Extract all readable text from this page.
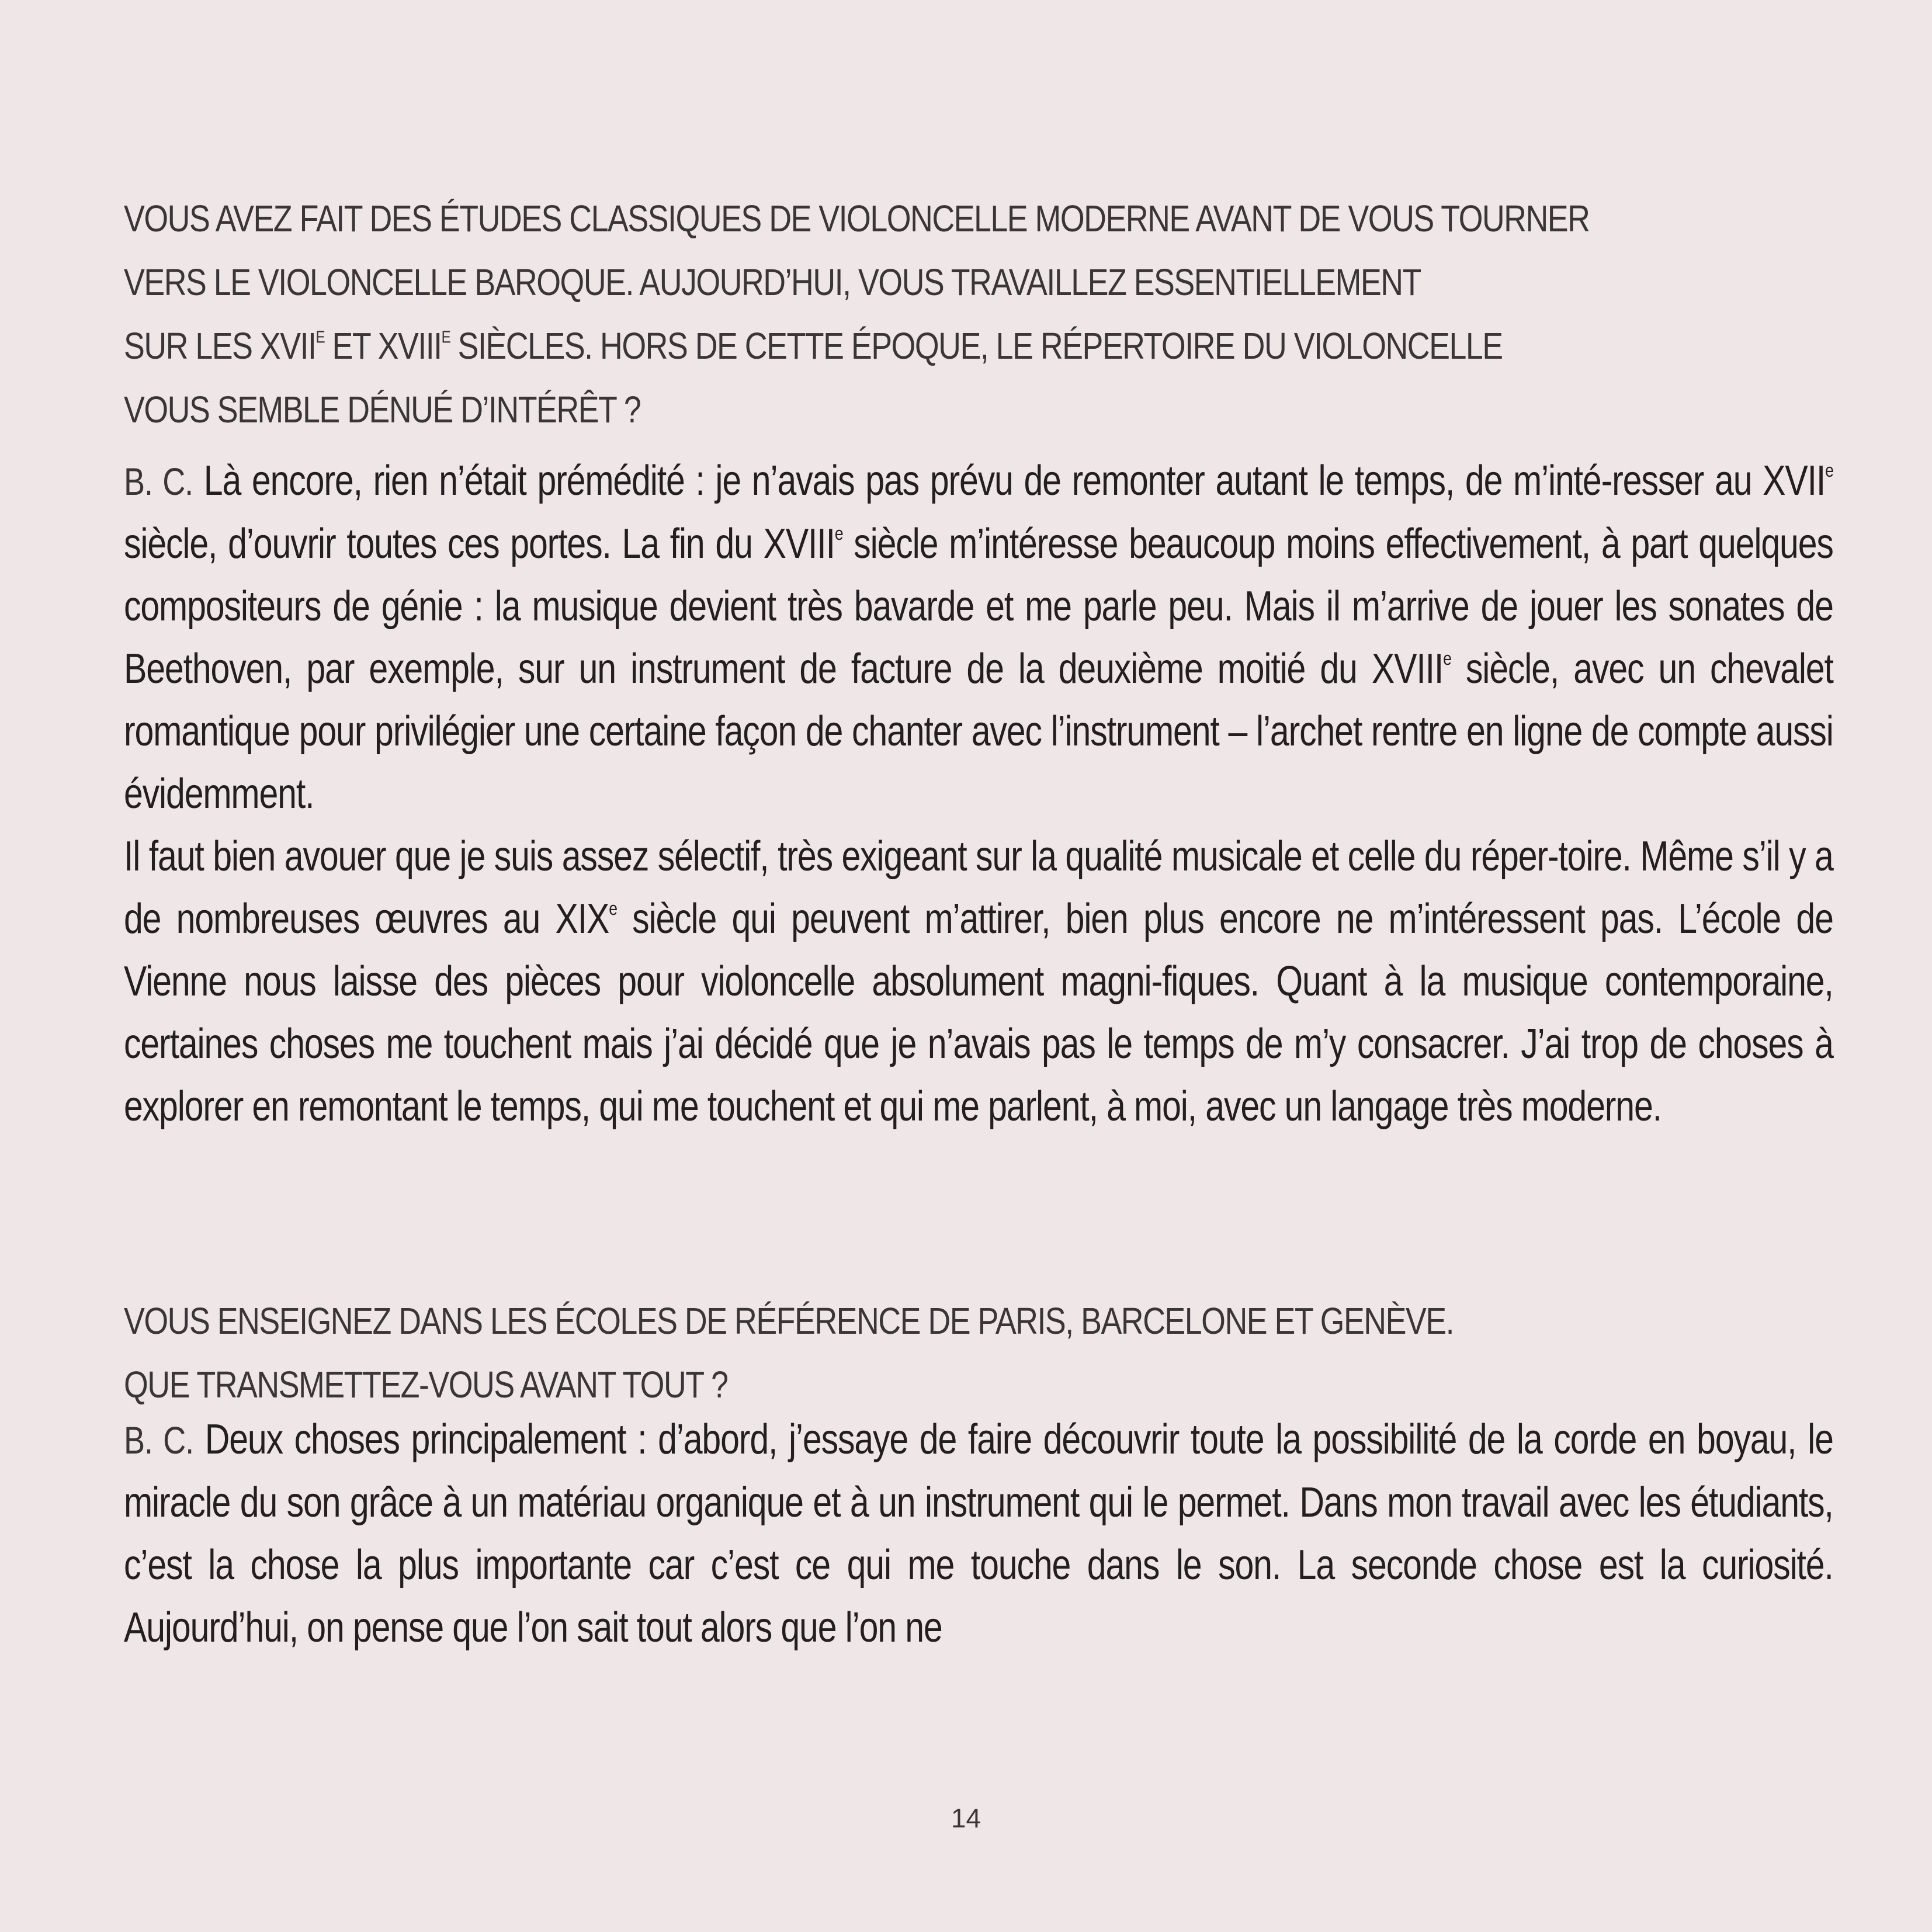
VOUS AVEZ FAIT DES ÉTUDES CLASSIQUES DE VIOLONCELLE MODERNE AVANT DE VOUS TOURNER
VERS LE VIOLONCELLE BAROQUE. AUJOURD’HUI, VOUS TRAVAILLEZ ESSENTIELLEMENT
SUR LES $XVII^E$ ET $XVIII^E$ SIÈCLES. HORS DE CETTE ÉPOQUE, LE RÉPERTOIRE DU VIOLONCELLE
VOUS SEMBLE DÉNUÉ D’INTÉRÊT ?

B. C. Là encore, rien n’était prémédité : je n’avais pas prévu de remonter autant le temps, de m’inté-resser au XVIIe siècle, d’ouvrir toutes ces portes. La fin du XVIIIe siècle m’intéresse beaucoup moins effectivement, à part quelques compositeurs de génie : la musique devient très bavarde et me parle peu. Mais il m’arrive de jouer les sonates de Beethoven, par exemple, sur un instrument de facture de la deuxième moitié du XVIIIe siècle, avec un chevalet romantique pour privilégier une certaine façon de chanter avec l’instrument – l’archet rentre en ligne de compte aussi évidemment.

Il faut bien avouer que je suis assez sélectif, très exigeant sur la qualité musicale et celle du réper-toire. Même s’il y a de nombreuses œuvres au XIXe siècle qui peuvent m’attirer, bien plus encore ne m’intéressent pas. L’école de Vienne nous laisse des pièces pour violoncelle absolument magni-fiques. Quant à la musique contemporaine, certaines choses me touchent mais j’ai décidé que je n’avais pas le temps de m’y consacrer. J’ai trop de choses à explorer en remontant le temps, qui me touchent et qui me parlent, à moi, avec un langage très moderne.

VOUS ENSEIGNEZ DANS LES ÉCOLES DE RÉFÉRENCE DE PARIS, BARCELONE ET GENÈVE.
QUE TRANSMETTEZ-VOUS AVANT TOUT ?

B. C. Deux choses principalement : d’abord, j’essaye de faire découvrir toute la possibilité de la corde en boyau, le miracle du son grâce à un matériau organique et à un instrument qui le permet. Dans mon travail avec les étudiants, c’est la chose la plus importante car c’est ce qui me touche dans le son. La seconde chose est la curiosité. Aujourd’hui, on pense que l’on sait tout alors que l’on ne

14
